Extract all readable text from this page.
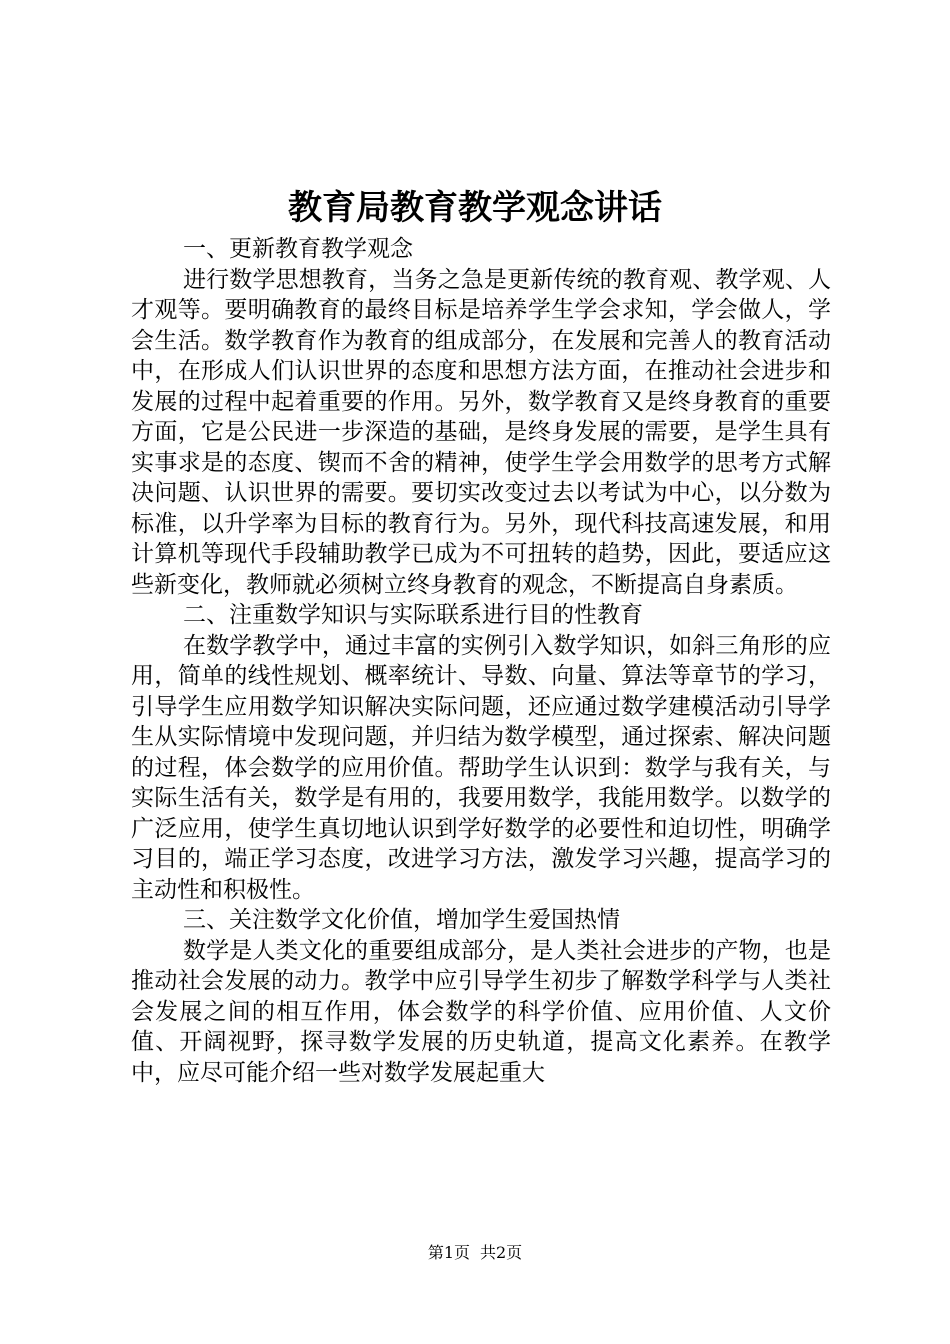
教育局教育教学观念讲话

一、更新教育教学观念

进行数学思想教育，当务之急是更新传统的教育观、教学观、人才观等。要明确教育的最终目标是培养学生学会求知，学会做人，学会生活。数学教育作为教育的组成部分，在发展和完善人的教育活动中，在形成人们认识世界的态度和思想方法方面，在推动社会进步和发展的过程中起着重要的作用。另外，数学教育又是终身教育的重要方面，它是公民进一步深造的基础，是终身发展的需要，是学生具有实事求是的态度、锲而不舍的精神，使学生学会用数学的思考方式解决问题、认识世界的需要。要切实改变过去以考试为中心，以分数为标准，以升学率为目标的教育行为。另外，现代科技高速发展，和用计算机等现代手段辅助教学已成为不可扭转的趋势，因此，要适应这些新变化，教师就必须树立终身教育的观念，不断提高自身素质。

二、注重数学知识与实际联系进行目的性教育

在数学教学中，通过丰富的实例引入数学知识，如斜三角形的应用，简单的线性规划、概率统计、导数、向量、算法等章节的学习，引导学生应用数学知识解决实际问题，还应通过数学建模活动引导学生从实际情境中发现问题，并归结为数学模型，通过探索、解决问题的过程，体会数学的应用价值。帮助学生认识到：数学与我有关，与实际生活有关，数学是有用的，我要用数学，我能用数学。以数学的广泛应用，使学生真切地认识到学好数学的必要性和迫切性，明确学习目的，端正学习态度，改进学习方法，激发学习兴趣，提高学习的主动性和积极性。

三、关注数学文化价值，增加学生爱国热情

数学是人类文化的重要组成部分，是人类社会进步的产物，也是推动社会发展的动力。教学中应引导学生初步了解数学科学与人类社会发展之间的相互作用，体会数学的科学价值、应用价值、人文价值、开阔视野，探寻数学发展的历史轨道，提高文化素养。在教学中，应尽可能介绍一些对数学发展起重大

第1页 共2页
